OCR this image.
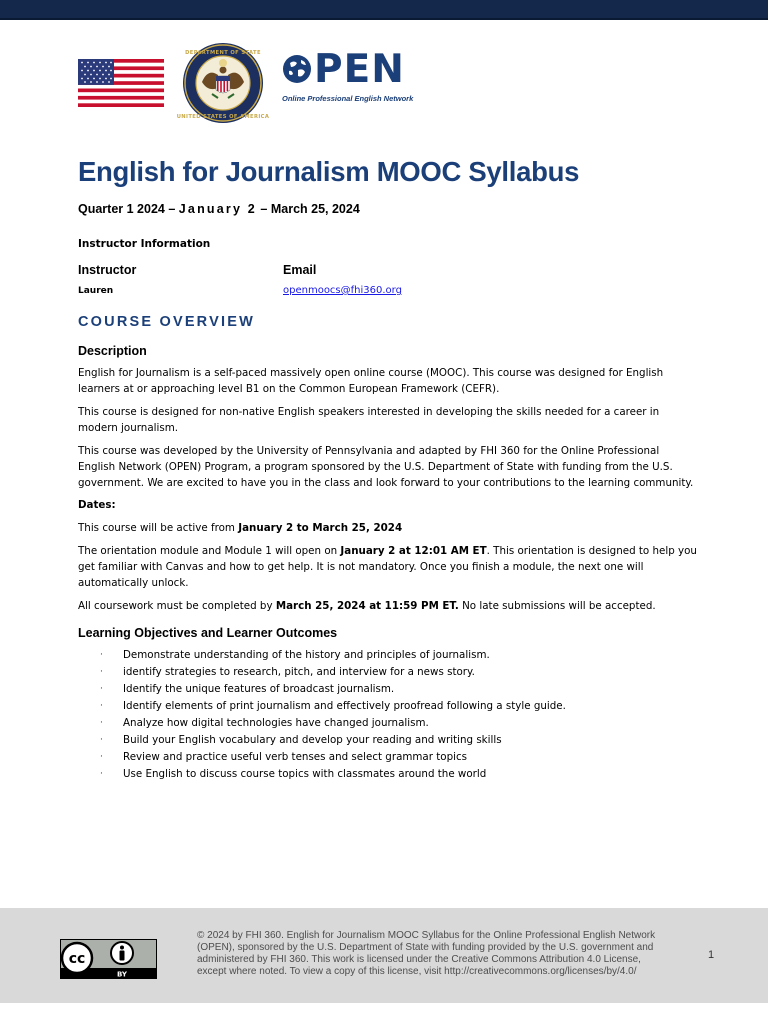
DEPARTMENT OF STATE
UNITED STATES OF AMERICA
PEN
Online Professional English Network
English for Journalism MOOC Syllabus
Quarter 1 2024 – January 2 – March 25, 2024
Instructor Information
Instructor
Lauren
Email
openmoocs@fhi360.org
COURSE OVERVIEW
Description

English for Journalism is a self-paced massively open online course (MOOC). This course was designed for English learners at or approaching level B1 on the Common European Framework (CEFR).

This course is designed for non-native English speakers interested in developing the skills needed for a career in modern journalism.

This course was developed by the University of Pennsylvania and adapted by FHI 360 for the Online Professional English Network (OPEN) Program, a program sponsored by the U.S. Department of State with funding from the U.S. government. We are excited to have you in the class and look forward to your contributions to the learning community.

Dates:

This course will be active from January 2 to March 25, 2024

The orientation module and Module 1 will open on January 2 at 12:01 AM ET. This orientation is designed to help you get familiar with Canvas and how to get help. It is not mandatory. Once you finish a module, the next one will automatically unlock.

All coursework must be completed by March 25, 2024 at 11:59 PM ET. No late submissions will be accepted.

Learning Objectives and Learner Outcomes
· Demonstrate understanding of the history and principles of journalism.
· identify strategies to research, pitch, and interview for a news story.
· Identify the unique features of broadcast journalism.
· Identify elements of print journalism and effectively proofread following a style guide.
· Analyze how digital technologies have changed journalism.
· Build your English vocabulary and develop your reading and writing skills
· Review and practice useful verb tenses and select grammar topics
· Use English to discuss course topics with classmates around the world
cc
BY
© 2024 by FHI 360. English for Journalism MOOC Syllabus for the Online Professional English Network (OPEN), sponsored by the U.S. Department of State with funding provided by the U.S. government and administered by FHI 360. This work is licensed under the Creative Commons Attribution 4.0 License, except where noted. To view a copy of this license, visit http://creativecommons.org/licenses/by/4.0/
1
